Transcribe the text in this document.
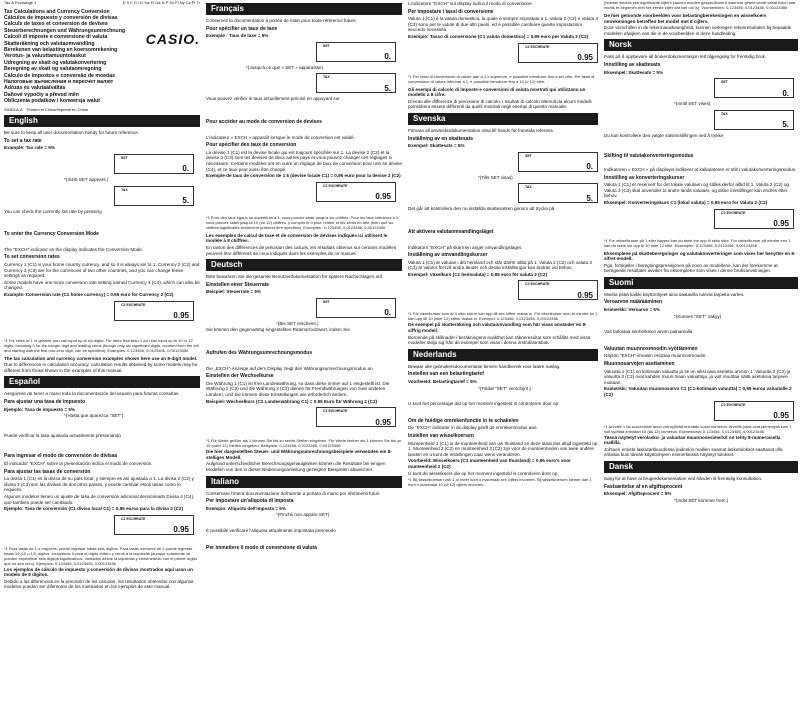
Tax & Exchange 1	E S F G I D Sw Fi Da N P Sv Pi Ny Cz Pl Tr
Tax Calculations and Currency Conversion
Cálculos de impuesto y conversión de divisas
Calculs de taxes et conversion de devises
Steuerberechnungen und Währungsumrechnung
Calcoli di imposte e conversione di valuta
Skatteräkning och valutaomvandling
Berekenen van belasting en koersomrekening
Verotus- ja valuuttamuuntolaskut
Udregning av skatt og valutakonvertering
Beregning av skatt og valutaomregning
Cálculo de impostos e conversão de moedas
Налоговые вычисления и пересчет валют
Adózás és valutaátváltás
Daňové výpočty a převod měn
Obliczenia podatków i konwersja walut
CASIO.
SX801A-A Printed in China/Imprimé en Chine
English
Be sure to keep all user documentation handy for future reference.
To set a tax rate
Example: Tax rate = 5%
SET
0.
*(3/4/5 SET appears.)
TAX
5.
You can check the currently set rate by pressing
To enter the Currency Conversion Mode
The "EXCH" indicator on the display indicates the Conversion Mode.
To set conversion rates
Currency 1 (C1) is your home country currency, and so it is always set to 1. Currency 2 (C2) and Currency 3 (C3) are for the currencies of two other countries, and you can change these settings as required.
Some models have one more conversion rate setting named Currency 4 (C4), which can also be changed.
Example: Conversion rate (C1 home currency) = 0.95 euro for Currency 2 (C2)
C2 EXCHRATE
0.95
*1 For rates of 1 or greater, you can input up to six digits. For rates less than 1 you can input up to 10 or 12 digits, including 0 for the integer digit and leading zeros (though only six significant digits, counted from the left and starting with the first non-zero digit, can be specified). Examples: 0.123456, 0.0123456, 0.00123456
The tax calculation and currency conversion examples shown here use an 8-digit model.
Due to differences in calculation accuracy, calculation results obtained by some models may be different from those shown in the examples of this manual.
Español
Asegúrese de tener a mano toda la documentación del usuario para futuras consultas.
Para ajustar una tasa de impuesto
Ejemplo: Tasa de impuesto = 5%
*(Hasta que aparezca "SET")
Puede verificar la tasa ajustada actualmente presionando
Para ingresar el modo de conversión de divisas
El indicador "EXCH" sobre la presentación indica el modo de conversión.
Para ajustar las tasas de conversión
La divisa 1 (C1) es la divisa de su país local, y siempre es así ajustada a 1. La divisa 2 (C2) y divisa 3 (C3) son las divisas de dos otros países, y puede cambiar estos tasas como lo requiera.
Algunos modelos tienen un ajuste de tasa de conversión adicional denominado Divisa 4 (C4), que también puede ser cambiado.
Ejemplo: Tasa de conversión (C1 divisa local C1) = 0,95 euros para la divisa 2 (C2)
C2 EXCHRATE
0.95
*1 Para tasas de 1 o mayores, puede ingresar hasta seis dígitos. Para tasas menores de 1 puede ingresar hasta 10 (10 o 12) dígitos, incluyendo 0 para el dígito entero y ceros a la izquierda (aunque solamente se pueden especificar seis dígitos significativos, contados desde la izquierda y comenzando con el primer dígito que no sea cero). Ejemplos: 0,123456, 0,0123456, 0,00123456
Los ejemplos de cálculo de impuesto y conversión de divisas mostrados aquí usan un modelo de 8 dígitos.
Debido a las diferencias en la precisión de los cálculos, los resultados obtenidos con algunos modelos pueden ser diferentes de los mostrados en los ejemplos de este manual.
Français
Conservez la documentation à portée de main pour toute référence future.
Pour spécifier un taux de taxe
Exemple : Taux de taxe = 5%
SET
0.
*(Jusqu'à ce que « SET » apparaisse)
TAX
5.
Vous pouvez vérifier le taux actuellement précisé en appuyant sur
Pour accéder au mode de conversion de devises
L'indicateur « EXCH » apparaît lorsque le mode de conversion est validé.
Pour spécifier des taux de conversion
La devise 1 (C1) est la devise locale qui est toujours spécifiée sur 1. La devise 2 (C2) et la devise 3 (C3) sont les devises de deux autres pays et vous pouvez changer ces réglages si nécessaire. Certains modèles ont en outre un réglage de taux de conversion pour une 4e devise (C4), et ce taux peut aussi être changé.
Exemple de taux de conversion de 1 $ (devise locale C1) = 0,95 euro pour la devise 2 (C2)
C2 EXCHRATE
0.95
*1 Pour des taux égaux ou supérieurs à 1, vous pouvez saisir jusqu'à six chiffres. Pour les taux inférieurs à 1, vous pouvez saisir jusqu'à 10 (ou 12) chiffres, y compris le 0 pour l'entier et les zéros en tête (bien que six chiffres significatifs seulement puissent être spécifiés). Exemples : 0,123456, 0,0123456, 0,00123456
Les exemples de calcul de taxe et de conversion de devises indiqués ici utilisent le modèle à 8 chiffres.
En raison des différences de précision des calculs, les résultats obtenus sur certains modèles peuvent être différents de ceux indiqués dans les exemples de ce manuel.
Deutsch
Bitte bewahren Sie die gesamte Benutzerdokumentation für spätere Nachschlagen auf.
Einstellen einer Steuerrate
Beispiel: Steuerrate = 5%
SET
0.
*(Bis SET erscheint.)
Sie können den gegenwärtig eingestellten Ratenschutzwert, indem Sie
Aufrufen des Währungsumrechnungsmodus
Die „EXCH"-Anzeige auf dem Display zeigt den Währungsumrechnungsmodus an.
Einstellen der Wechselkurse
Die Währung 1 (C1) ist Ihre Landeswährung, so dass diese immer auf 1 eingestellt ist. Die Währung 2 (C2) und die Währung 3 (C3) dienen für Fremdwährungen von zwei anderen Ländern, und Sie können diese Einstellungen wie erforderlich ändern.
Beispiel: Wechselkurs (C1 Landeswährung C1) = 0,95 Euro für Währung 2 (C2)
C2 EXCHRATE
0.95
*1 Für Werte größer als 1 können Sie bis zu sechs Stellen eingeben. Für Werte kleiner als 1 können Sie bis zu 10 (oder 12) Stellen eingeben. Beispiele: 0,123456, 0,0123456, 0,00123456
Die hier dargestellten Steuer- und Währungsumrechnungsbeispiele verwenden ein 8-stelliges Modell.
Aufgrund unterschiedlicher Berechnungsgenauigkeiten können die Resultate bei einigen Modellen von den in dieser Bedienungsanleitung gezeigten Beispielen abweichen.
Italiano
Conservare l'intera documentazione dell'utente a portata di mano per riferimenti futuri.
Per impostare un'aliquota di imposta
Esempio: Aliquota dell'imposta = 5%
*(Finché non appare SET)
È possibile verificare l'aliquota attualmente impostata premendo
Per immettere il modo di conversione di valuta
L'indicatore "EXCH" sul display indica il modo di conversione.
Per impostare i tassi di conversione
Valuta 1 (C1) è la valuta domestica, la quale è sempre impostata a 1. Valuta 2 (C2) e Valuta 3 (C3) sono per le valute di due altri paesi, ed è possibile cambiare queste impostazioni secondo necessità.
Esempio: Tasso di conversione (C1 valuta domestica) = 0,95 euro per Valuta 2 (C2)
C2 EXCHRATE
0.95
*1 Per tassi di conversione di valore pari a 1 o superiore, è possibile introdurre fino a sei cifre. Per tassi di conversione di valore inferiore a 1, è possibile introdurre fino a 10 (o 12) cifre.
Gli esempi di calcolo di imposte e conversioni di valuta mostrati qui utilizzano un modello a 8 cifre.
Dovuto alle differenze di precisione di calcolo, i risultati di calcolo ottenuti da alcuni modelli potrebbero essere differenti da quelli mostrati negli esempi di questo manuale.
Svenska
Förvara all användardokumentation nära till hands för framtida referens.
Inställning av en skattesats
Exempel: Skattesats = 5%
SET
0.
*(Tills SET visas)
TAX
5.
Det går att kontrollera den nu inställda skattesatsen genom att trycka på
Att aktivera valutaomvandlingsläget
Indikatorn "EXCH" på skärmen anger omvandlingsläget.
Inställning av omvandlingskurser
Valuta 1 (C1) är valutan i ditt hemland och står därför alltid på 1. Valuta 2 (C2) och valuta 3 (C3) är valutor för två andra länder och dessa inställningar kan ändras vid behov.
Exempel: Växelkurs (C1 hemvaluta) = 0,95 euro för valuta 2 (C2)
C2 EXCHRATE
0.95
*1 För växelkurser som är 1 eller större kan upp till sex siffror matas in. För växelkurser som är mindre än 1 kan upp till 10 (eller 12) siffror matas in. Exempel: 0,123456, 0,0123456, 0,00123456
De exempel på skatteräkning och valutaomvandling som här visas använder en 8-siffrig modell.
Beroende på skillnader i beräkningens exakthet kan räkneresultat som erhållits med vissa modeller skilja sig från de exempel som visas i denna instruktionsbok.
Nederlands
Bewaar alle gebruikersdocumentatie binnen handbereik voor latere naslag.
Instellen van een belastingtarief
Voorbeeld: Belastingtarief = 5%
*(Totdat "SET" verschijnt.)
U kunt het percentage dat op het moment ingesteld is controleren door op
Om de huidige omrekenfunctie in te schakelen
De "EXCH" indicator in de display geeft de omrekenmodus aan.
Instellen van wisselkoersen
Munteenheid 1 (C1) is de munteenheid van uw thuisland en deze staat dus altijd ingesteld op 1. Munteenheid 2 (C2) en munteenheid 3 (C3) zijn voor de munteenheden van twee andere landen en u kunt de instellingen naar wens veranderen.
Voorbeeld: Wisselkoers (C1 munteenheid van thuisland) = 0,95 euro's voor munteenheid 2 (C2)
U kunt de wisselkoers die op het moment ingesteld is controleren door op
*1 Bij wisselkoersen van 1 of meer kunt u maximaal zes cijfers invoeren. Bij wisselkoersen kleiner dan 1 kunt u maximaal 10 (of 12) cijfers invoeren.
(hoewel slechts zes significante cijfers kunnen worden gespecificeerd wanneer geteld wordt vanaf links naar rechts te beginnen met het eerste cijfer dat niet nul is). Voorbeelden: 0,123456, 0,0123456, 0,00123456
De hier getoonde voorbeelden voor belastingberekeningen en wisselkoers omrekeningen betreffen het model met 8 cijfers.
Door verschillen in de rekennauwkeurigheid, kunnen verkregen rekenresultaten bij bepaalde modellen afwijken van die in de voorbeelden in deze handleiding.
Norsk
Pass på å oppbevare all brukerdokumentasjon lett tilgjengelig for fremtidig bruk.
Innstilling av skattesats
Eksempel: Skattesats = 5%
SET
0.
*(Inntil SET vises)
TAX
5.
Du kan kontrollere den valgte satsinnstillingen ved å trykke
Skifting til valutakonverteringsmodus
Indikatoren « EXCH » på displayet indikerer at kalkulatoren er stilt i valutakonverteringsmodus.
Innstilling av konverteringskurser
Valuta 1 (C1) er reservert for det lokale valutaen og stilles derfor alltid til 1. Valuta 2 (C2) og Valuta 3 (C3) skal anvendes to andre lands valutaer, og disse innstillinger kan endres etter behov.
Eksempel: Konverteringskurs C1 (lokal valuta) = 0,95 euro for Valuta 2 (C2)
C2 EXCHRATE
0.95
*1 For vekselkurser på 1 eller høyere kan du taste inn opp til seks sifre. For vekselkurser på mindre enn 1 kan du taste inn opp til 10 eller 12 sifre. Eksempler: 0,123456, 0,0123456, 0,00123456
Eksemplene på skatteberegninger og valutakonverteringer som vises her benytter en 8-sifret modell.
Pga. forskjeller i beregningspresisjonen på noen av modellene, kan det forekomme at beregnede resultater avviker fra eksemplene som vises i denne bruksanvisningen.
Suomi
Muista pitää kaikki käyttöohjeet aina saatavilla tulevia tarpeita varten.
Veroarvon määrääminen
Esimerkki: Veroarvo = 5%
*(Kunnes "SET" näkyy)
Voit tarkistaa senhetkisen arvon painamalla
Valuutan muunnosmoodin syöttäminen
Näytön "EXCH"-ilmaisin osoittaa muunnosmoodin.
Muunnosarvojen asettaminen
Valuutta 1 (C1) on kotimaan valuutta ja se on siksi aina asetettu arvoon 1. Valuutta 2 (C2) ja valuutta 3 (C3) ovat kahden muun maan valuuttoja, ja voit muuttaa näitä asetuksia tarpeen mukaan.
Esimerkki: Valuutan muunnosarvo C1 (C1-kotimaan valuutta) = 0,95 euroa valuutalle 2 (C2)
C2 EXCHRATE
0.95
*1 Arvoille 1 tai suuremmat arvot voit syöttää enintään kuusi numeroa. Arvoille jotka ovat pienempiä kuin 1 voit syöttää enintään 10 (tai 12) numeroa. Esimerkkejä: 0,123456, 0,0123456, 0,00123456
Tässä näytetyt verolasku- ja valuutan muunnosesimerkit on tehty 8-numeroisella mallilla.
Johtuen eroista laskutarkkuudessa joidenkin mallien saamat laskutulokset saattavat olla erilaisia kuin tämän käyttöohjeen esimerkeissä näytetyt tulokset.
Dansk
Sørg for at have al brugerdokumentation ved hånden til fremtidig konsultation.
Fastsættelse af en afgiftsprocent
Eksempel: Afgiftsprocent = 5%
*(Indtil SET kommer frem.)
